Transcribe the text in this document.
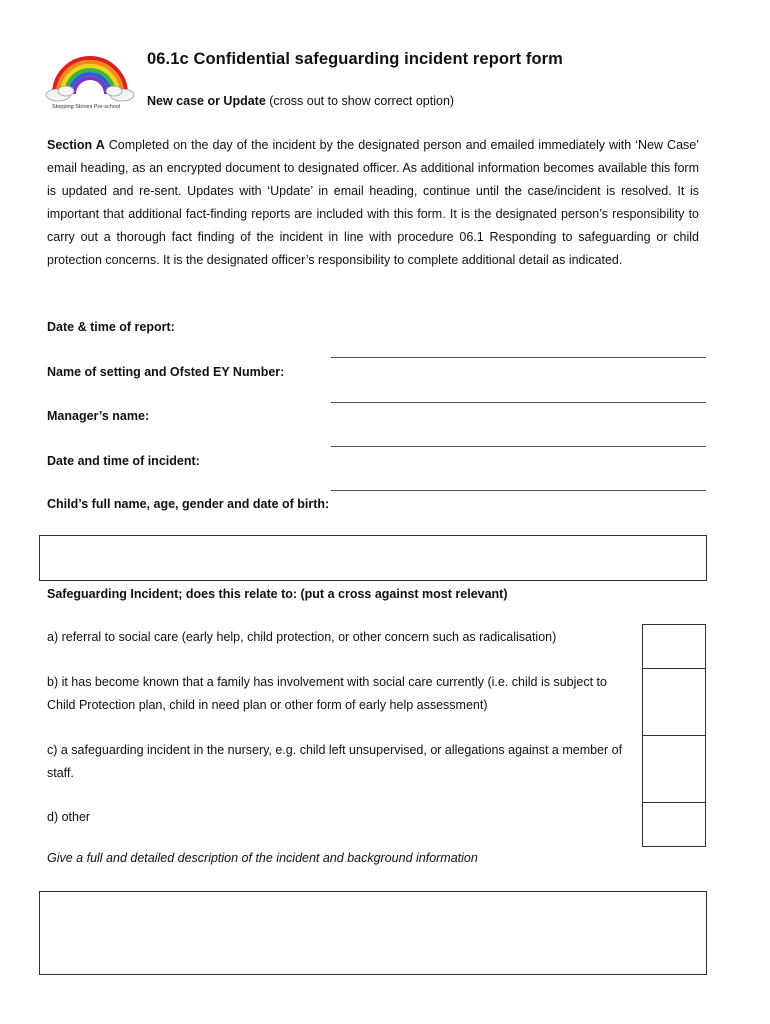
Stepping Stones Pre-school
06.1c Confidential safeguarding incident report form
New case or Update (cross out to show correct option)
Section A Completed on the day of the incident by the designated person and emailed immediately with ‘New Case’ email heading, as an encrypted document to designated officer. As additional information becomes available this form is updated and re-sent. Updates with ‘Update’ in email heading, continue until the case/incident is resolved. It is important that additional fact-finding reports are included with this form. It is the designated person’s responsibility to carry out a thorough fact finding of the incident in line with procedure 06.1 Responding to safeguarding or child protection concerns. It is the designated officer’s responsibility to complete additional detail as indicated.
Date & time of report:
Name of setting and Ofsted EY Number:
Manager’s name:
Date and time of incident:
Child’s full name, age, gender and date of birth:
Safeguarding Incident; does this relate to: (put a cross against most relevant)
a) referral to social care (early help, child protection, or other concern such as radicalisation)
b) it has become known that a family has involvement with social care currently (i.e. child is subject to Child Protection plan, child in need plan or other form of early help assessment)
c) a safeguarding incident in the nursery, e.g. child left unsupervised, or allegations against a member of staff.
d) other
Give a full and detailed description of the incident and background information
